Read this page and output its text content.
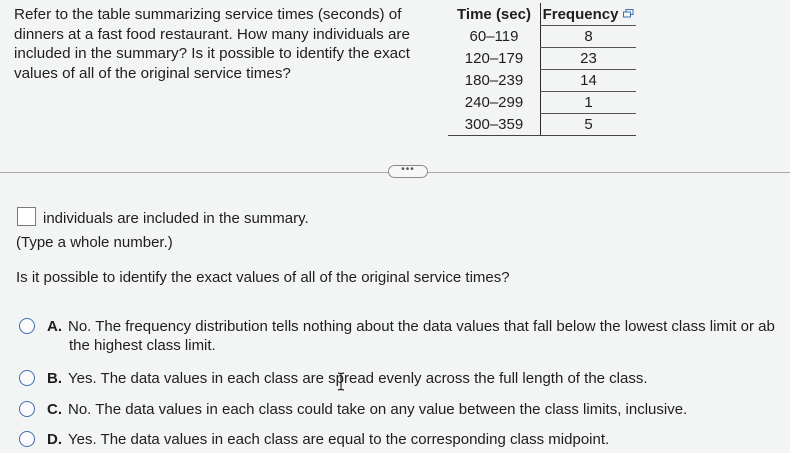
Refer to the table summarizing service times (seconds) of dinners at a fast food restaurant. How many individuals are included in the summary? Is it possible to identify the exact values of all of the original service times?

Time (sec)	Frequency

60–119	8
120–179	23
180–239	14
240–299	1
300–359	5
•••
individuals are included in the summary.
(Type a whole number.)
Is it possible to identify the exact values of all of the original service times?
A. No. The frequency distribution tells nothing about the data values that fall below the lowest class limit or ab
the highest class limit.
B. Yes. The data values in each class are spread evenly across the full length of the class.
C. No. The data values in each class could take on any value between the class limits, inclusive.
D. Yes. The data values in each class are equal to the corresponding class midpoint.
